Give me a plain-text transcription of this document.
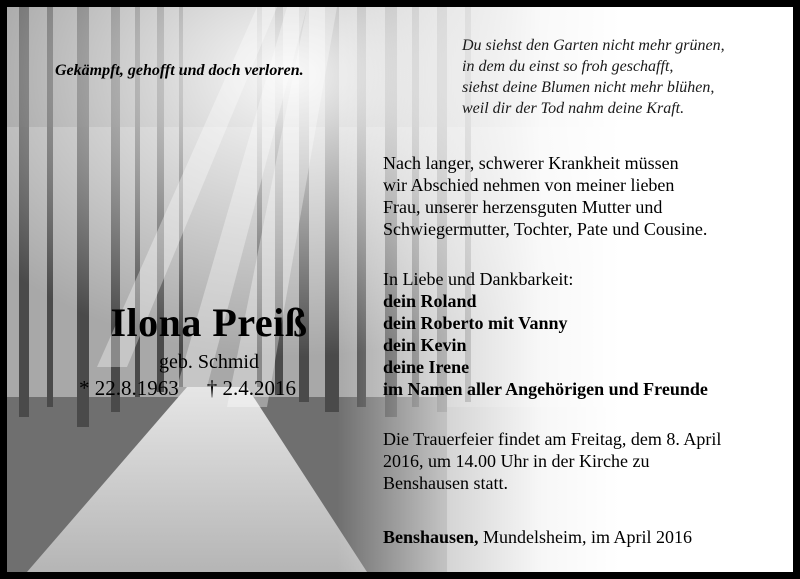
Gekämpft, gehofft und doch verloren.
Du siehst den Garten nicht mehr grünen,
in dem du einst so froh geschafft,
siehst deine Blumen nicht mehr blühen,
weil dir der Tod nahm deine Kraft.
Ilona Preiß
geb. Schmid
* 22.8.1963 † 2.4.2016
Nach langer, schwerer Krankheit müssen
wir Abschied nehmen von meiner lieben
Frau, unserer herzensguten Mutter und
Schwiegermutter, Tochter, Pate und Cousine.
In Liebe und Dankbarkeit:
dein Roland
dein Roberto mit Vanny
dein Kevin
deine Irene
im Namen aller Angehörigen und Freunde
Die Trauerfeier findet am Freitag, dem 8. April
2016, um 14.00 Uhr in der Kirche zu
Benshausen statt.
Benshausen, Mundelsheim, im April 2016
